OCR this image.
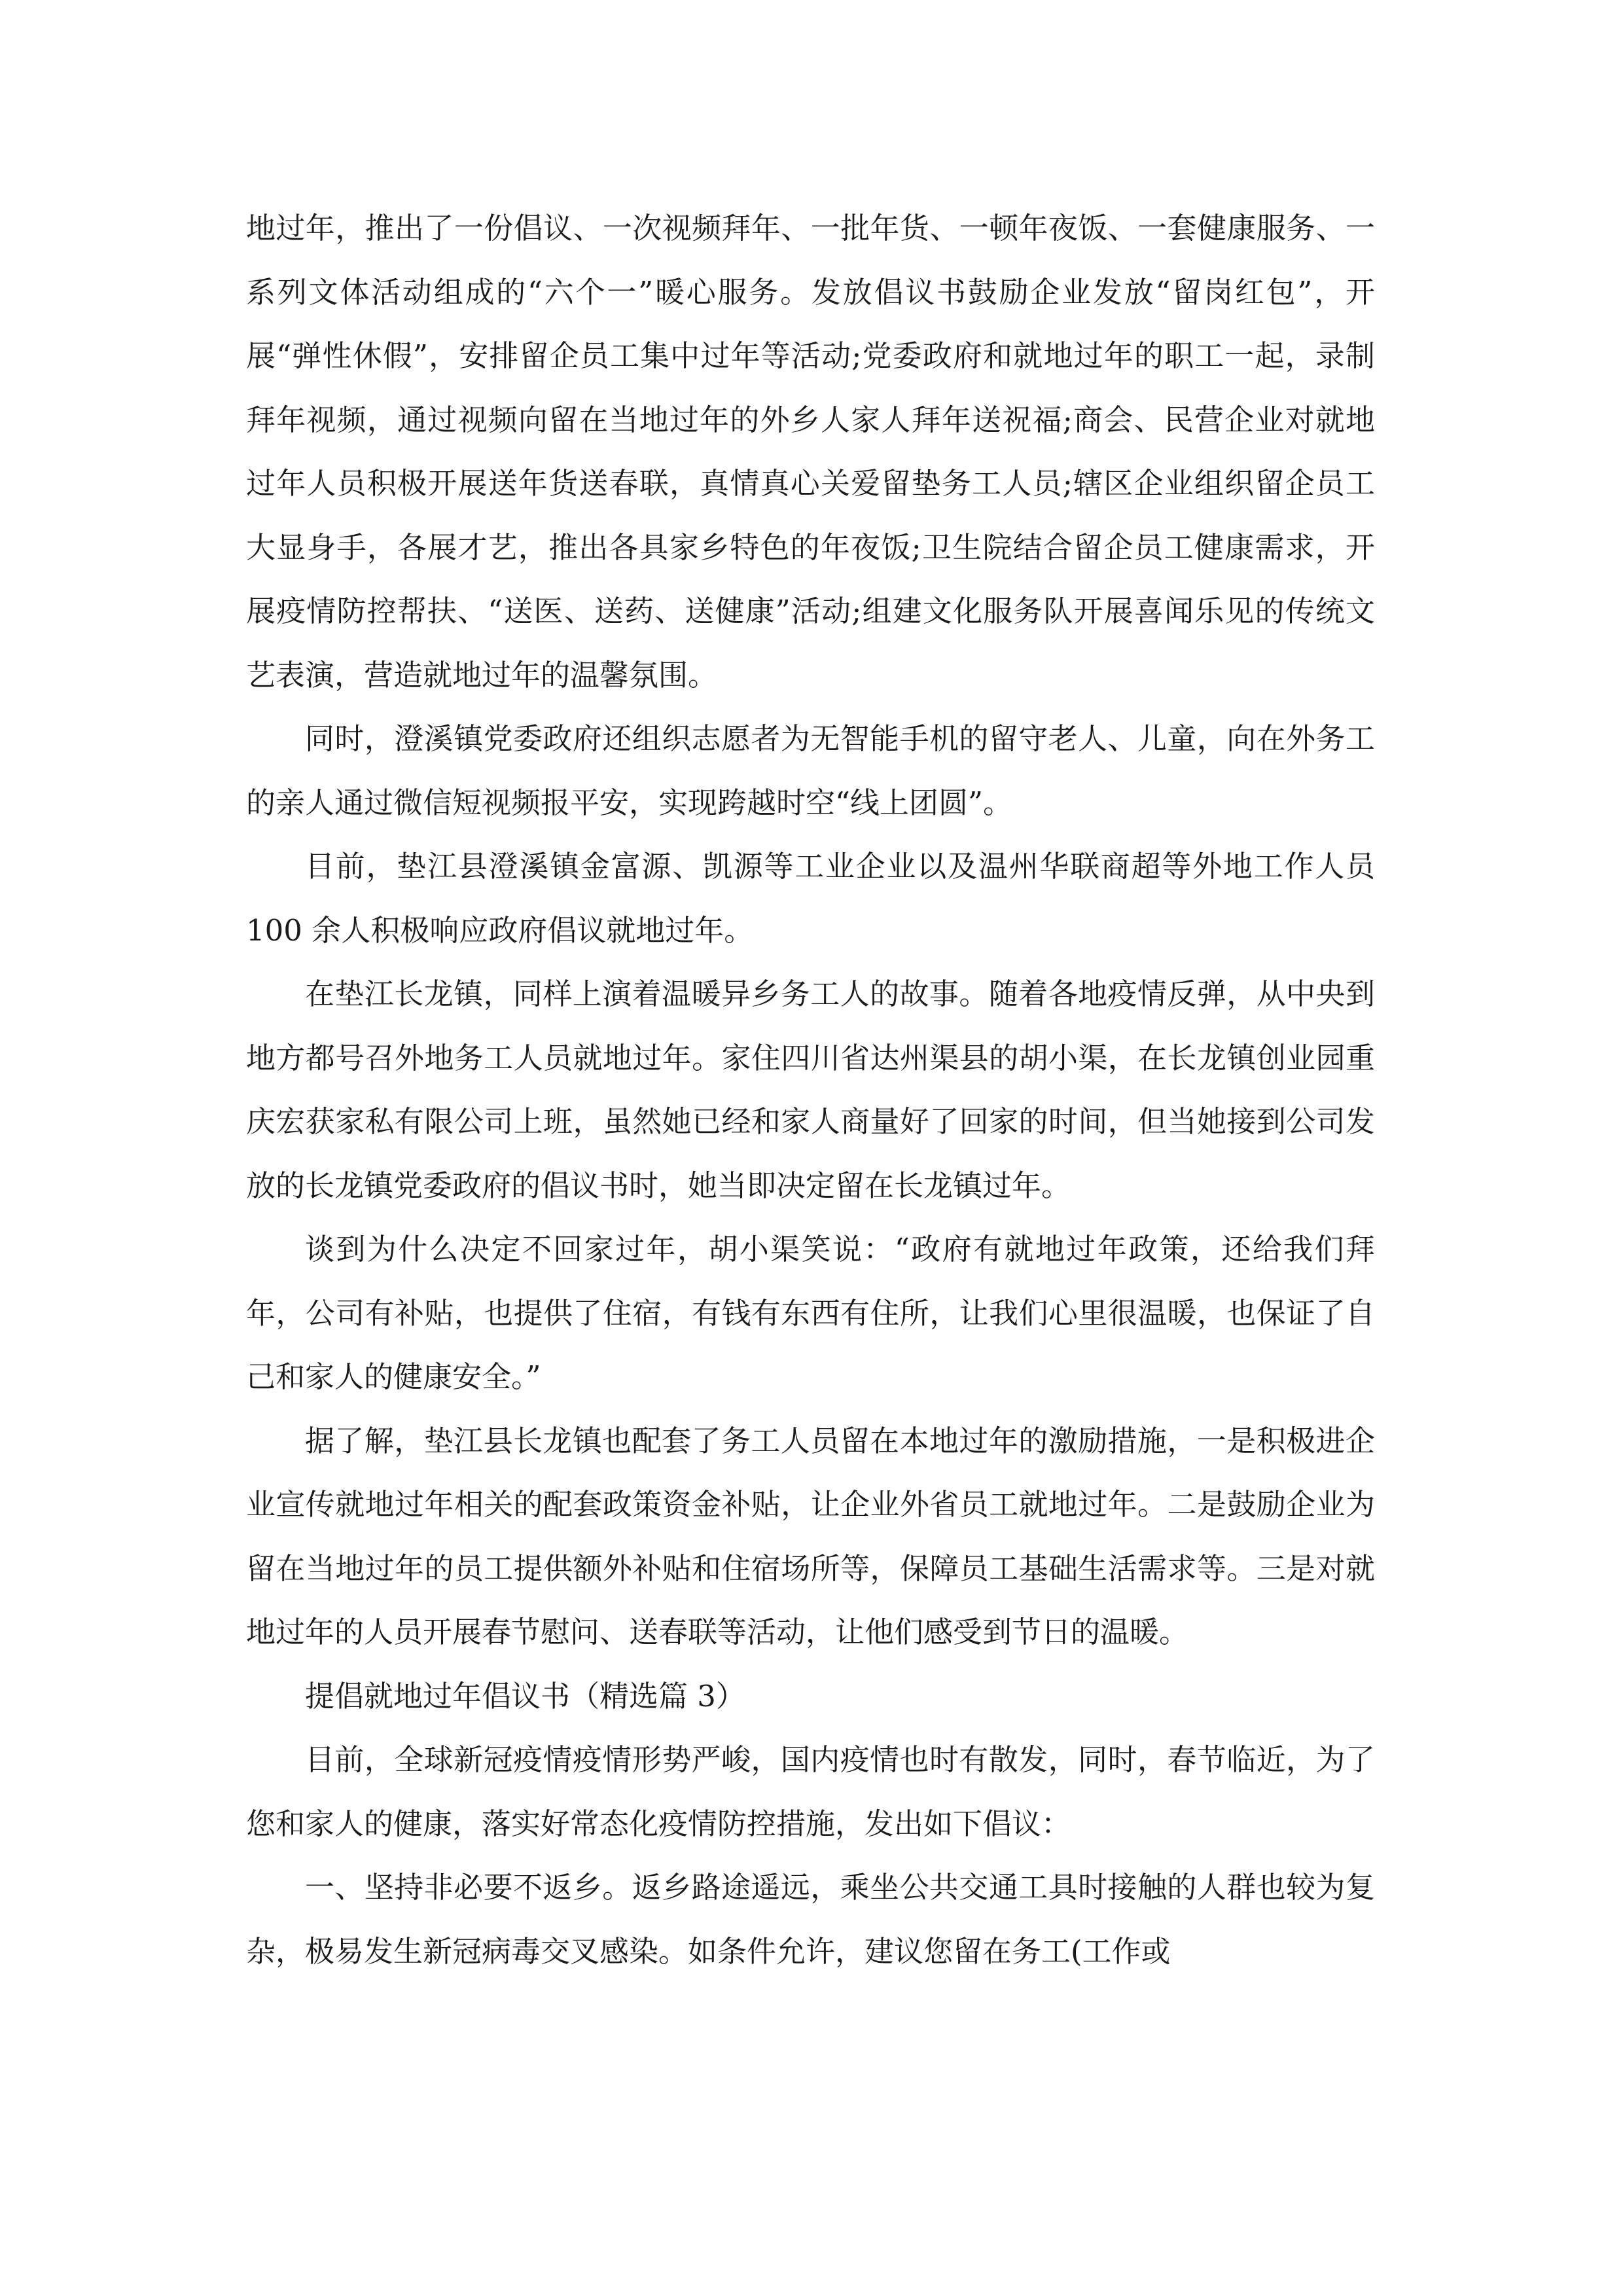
地过年，推出了一份倡议、一次视频拜年、一批年货、一顿年夜饭、一套健康服务、一系列文体活动组成的“六个一”暖心服务。发放倡议书鼓励企业发放“留岗红包”，开展“弹性休假”，安排留企员工集中过年等活动;党委政府和就地过年的职工一起，录制拜年视频，通过视频向留在当地过年的外乡人家人拜年送祝福;商会、民营企业对就地过年人员积极开展送年货送春联，真情真心关爱留垫务工人员;辖区企业组织留企员工大显身手，各展才艺，推出各具家乡特色的年夜饭;卫生院结合留企员工健康需求，开展疫情防控帮扶、“送医、送药、送健康”活动;组建文化服务队开展喜闻乐见的传统文艺表演，营造就地过年的温馨氛围。

同时，澄溪镇党委政府还组织志愿者为无智能手机的留守老人、儿童，向在外务工的亲人通过微信短视频报平安，实现跨越时空“线上团圆”。

目前，垫江县澄溪镇金富源、凯源等工业企业以及温州华联商超等外地工作人员 100 余人积极响应政府倡议就地过年。

在垫江长龙镇，同样上演着温暖异乡务工人的故事。随着各地疫情反弹，从中央到地方都号召外地务工人员就地过年。家住四川省达州渠县的胡小渠，在长龙镇创业园重庆宏获家私有限公司上班，虽然她已经和家人商量好了回家的时间，但当她接到公司发放的长龙镇党委政府的倡议书时，她当即决定留在长龙镇过年。

谈到为什么决定不回家过年，胡小渠笑说：“政府有就地过年政策，还给我们拜年，公司有补贴，也提供了住宿，有钱有东西有住所，让我们心里很温暖，也保证了自己和家人的健康安全。”

据了解，垫江县长龙镇也配套了务工人员留在本地过年的激励措施，一是积极进企业宣传就地过年相关的配套政策资金补贴，让企业外省员工就地过年。二是鼓励企业为留在当地过年的员工提供额外补贴和住宿场所等，保障员工基础生活需求等。三是对就地过年的人员开展春节慰问、送春联等活动，让他们感受到节日的温暖。

提倡就地过年倡议书（精选篇 3）

目前，全球新冠疫情疫情形势严峻，国内疫情也时有散发，同时，春节临近，为了您和家人的健康，落实好常态化疫情防控措施，发出如下倡议：

一、坚持非必要不返乡。返乡路途遥远，乘坐公共交通工具时接触的人群也较为复杂，极易发生新冠病毒交叉感染。如条件允许，建议您留在务工(工作或
